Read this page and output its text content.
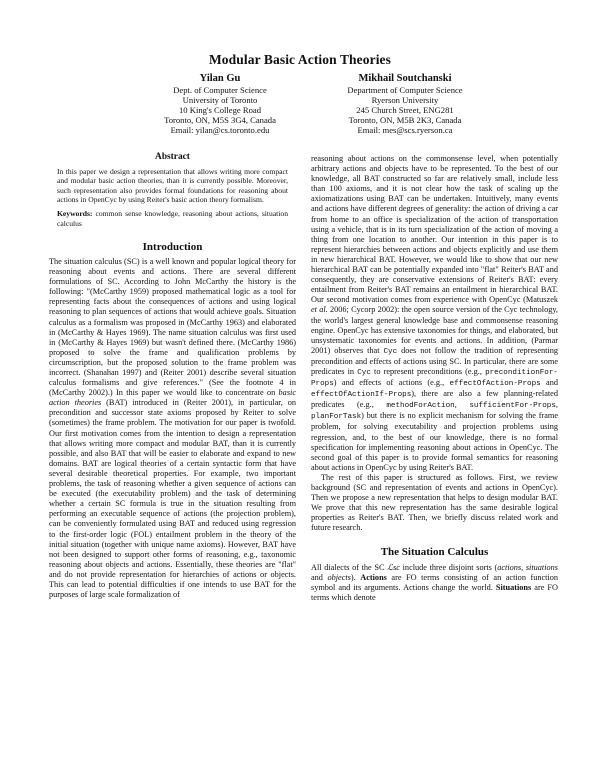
Modular Basic Action Theories
Yilan Gu
Dept. of Computer Science
University of Toronto
10 King's College Road
Toronto, ON, M5S 3G4, Canada
Email: yilan@cs.toronto.edu
Mikhail Soutchanski
Department of Computer Science
Ryerson University
245 Church Street, ENG281
Toronto, ON, M5B 2K3, Canada
Email: mes@scs.ryerson.ca
Abstract

In this paper we design a representation that allows writing more compact and modular basic action theories, than it is currently possible. Moreover, such representation also provides formal foundations for reasoning about actions in OpenCyc by using Reiter's basic action theory formalism.

Keywords: common sense knowledge, reasoning about actions, situation calculus

Introduction

The situation calculus (SC) is a well known and popular logical theory for reasoning about events and actions. There are several different formulations of SC. According to John McCarthy the history is the following: "(McCarthy 1959) proposed mathematical logic as a tool for representing facts about the consequences of actions and using logical reasoning to plan sequences of actions that would achieve goals. Situation calculus as a formalism was proposed in (McCarthy 1963) and elaborated in (McCarthy & Hayes 1969). The name situation calculus was first used in (McCarthy & Hayes 1969) but wasn't defined there. (McCarthy 1986) proposed to solve the frame and qualification problems by circumscription, but the proposed solution to the frame problem was incorrect. (Shanahan 1997) and (Reiter 2001) describe several situation calculus formalisms and give references." (See the footnote 4 in (McCarthy 2002).) In this paper we would like to concentrate on basic action theories (BAT) introduced in (Reiter 2001), in particular, on precondition and successor state axioms proposed by Reiter to solve (sometimes) the frame problem. The motivation for our paper is twofold. Our first motivation comes from the intention to design a representation that allows writing more compact and modular BAT, than it is currently possible, and also BAT that will be easier to elaborate and expand to new domains. BAT are logical theories of a certain syntactic form that have several desirable theoretical properties. For example, two important problems, the task of reasoning whether a given sequence of actions can be executed (the executability problem) and the task of determining whether a certain SC formula is true in the situation resulting from performing an executable sequence of actions (the projection problem), can be conveniently formulated using BAT and reduced using regression to the first-order logic (FOL) entailment problem in the theory of the initial situation (together with unique name axioms). However, BAT have not been designed to support other forms of reasoning, e.g., taxonomic reasoning about objects and actions. Essentially, these theories are "flat" and do not provide representation for hierarchies of actions or objects. This can lead to potential difficulties if one intends to use BAT for the purposes of large scale formalization of

reasoning about actions on the commonsense level, when potentially arbitrary actions and objects have to be represented. To the best of our knowledge, all BAT constructed so far are relatively small, include less than 100 axioms, and it is not clear how the task of scaling up the axiomatizations using BAT can be undertaken. Intuitively, many events and actions have different degrees of generality: the action of driving a car from home to an office is specialization of the action of transportation using a vehicle, that is in its turn specialization of the action of moving a thing from one location to another. Our intention in this paper is to represent hierarchies between actions and objects explicitly and use them in new hierarchical BAT. However, we would like to show that our new hierarchical BAT can be potentially expanded into "flat" Reiter's BAT and consequently, they are conservative extensions of Reiter's BAT: every entailment from Reiter's BAT remains an entailment in hierarchical BAT. Our second motivation comes from experience with OpenCyc (Matuszek et al. 2006; Cycorp 2002): the open source version of the Cyc technology, the world's largest general knowledge base and commonsense reasoning engine. OpenCyc has extensive taxonomies for things, and elaborated, but unsystematic taxonomies for events and actions. In addition, (Parmar 2001) observes that Cyc does not follow the tradition of representing precondition and effects of actions using SC. In particular, there are some predicates in Cyc to represent preconditions (e.g., preconditionFor-Props) and effects of actions (e.g., effectOfAction-Props and effectOfActionIf-Props), there are also a few planning-related predicates (e.g., methodForAction, sufficientFor-Props, planForTask) but there is no explicit mechanism for solving the frame problem, for solving executability and projection problems using regression, and, to the best of our knowledge, there is no formal specification for implementing reasoning about actions in OpenCyc. The second goal of this paper is to provide formal semantics for reasoning about actions in OpenCyc by using Reiter's BAT.

The rest of this paper is structured as follows. First, we review background (SC and representation of events and actions in OpenCyc). Then we propose a new representation that helps to design modular BAT. We prove that this new representation has the same desirable logical properties as Reiter's BAT. Then, we briefly discuss related work and future research.

The Situation Calculus

All dialects of the SC ℒsc include three disjoint sorts (actions, situations and objects). Actions are FO terms consisting of an action function symbol and its arguments. Actions change the world. Situations are FO terms which denote
